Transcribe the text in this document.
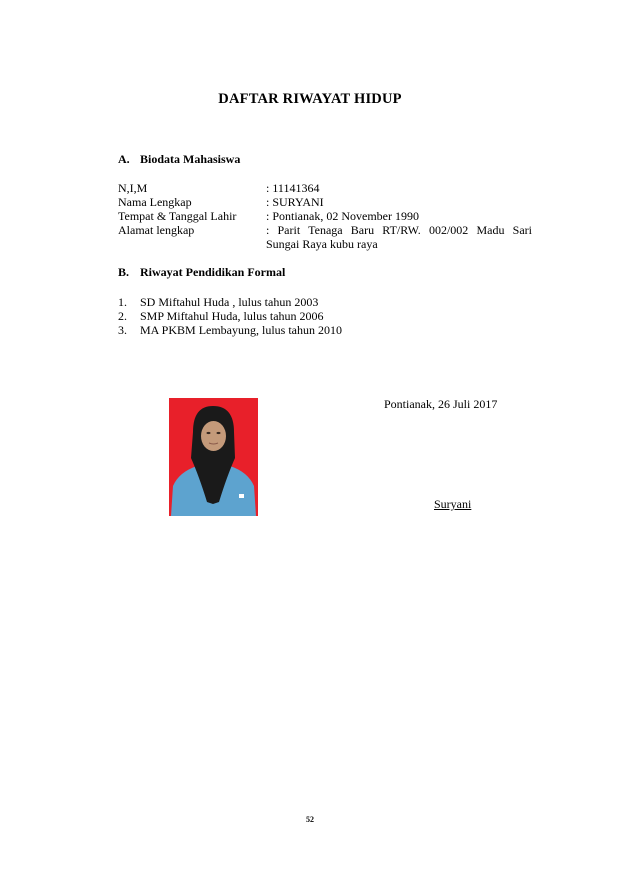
DAFTAR RIWAYAT HIDUP
A. Biodata Mahasiswa
N,I,M	: 11141364
Nama Lengkap	: SURYANI
Tempat & Tanggal Lahir	: Pontianak, 02 November 1990
Alamat lengkap	: Parit Tenaga Baru RT/RW. 002/002 Madu Sari
Sungai Raya kubu raya
B. Riwayat Pendidikan Formal
1. SD Miftahul Huda , lulus tahun 2003
2. SMP Miftahul Huda, lulus tahun 2006
3. MA PKBM Lembayung, lulus tahun 2010
Pontianak, 26 Juli 2017
Suryani
52
